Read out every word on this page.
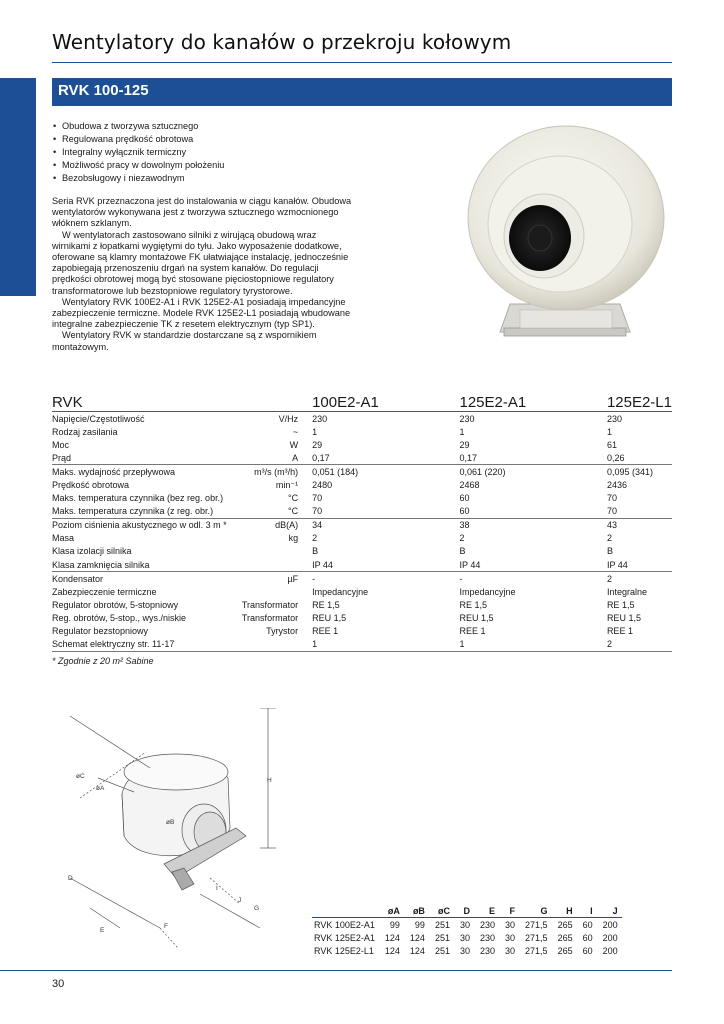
Wentylatory do kanałów o przekroju kołowym
RVK 100-125
• Obudowa z tworzywa sztucznego
• Regulowana prędkość obrotowa
• Integralny wyłącznik termiczny
• Możliwość pracy w dowolnym położeniu
• Bezobsługowy i niezawodnym

Seria RVK przeznaczona jest do instalowania w ciągu kanałów. Obudowa wentylatorów wykonywana jest z tworzywa sztucznego wzmocnionego włóknem szklanym.

W wentylatorach zastosowano silniki z wirującą obudową wraz wirnikami z łopatkami wygiętymi do tyłu. Jako wyposażenie dodatkowe, oferowane są klamry montażowe FK ułatwiające instalację, jednocześnie zapobiegają przenoszeniu drgań na system kanałów. Do regulacji prędkości obrotowej mogą być stosowane pięciostopniowe regulatory transformatorowe lub bezstopniowe regulatory tyrystorowe.

Wentylatory RVK 100E2-A1 i RVK 125E2-A1 posiadają impedancyjne zabezpieczenie termiczne. Modele RVK 125E2-L1 posiadają wbudowane integralne zabezpieczenie TK z resetem elektrycznym (typ SP1).

Wentylatory RVK w standardzie dostarczane są z wspornikiem montażowym.

RVK		100E2-A1	125E2-A1	125E2-L1
Napięcie/Częstotliwość	V/Hz	230	230	230
Rodzaj zasilania	~	1	1	1
Moc	W	29	29	61
Prąd	A	0,17	0,17	0,26
Maks. wydajność przepływowa	m³/s (m³/h)	0,051 (184)	0,061 (220)	0,095 (341)
Prędkość obrotowa	min⁻¹	2480	2468	2436
Maks. temperatura czynnika (bez reg. obr.)	°C	70	60	70
Maks. temperatura czynnika (z reg. obr.)	°C	70	60	70
Poziom ciśnienia akustycznego w odl. 3 m *	dB(A)	34	38	43
Masa	kg	2	2	2
Klasa izolacji silnika		B	B	B
Klasa zamknięcia silnika		IP 44	IP 44	IP 44
Kondensator	µF	-	-	2
Zabezpieczenie termiczne		Impedancyjne	Impedancyjne	Integralne
Regulator obrotów, 5-stopniowy	Transformator	RE 1,5	RE 1,5	RE 1,5
Reg. obrotów, 5-stop., wys./niskie	Transformator	REU 1,5	REU 1,5	REU 1,5
Regulator bezstopniowy	Tyrystor	REE 1	REE 1	REE 1
Schemat elektryczny str. 11-17		1	1	2
* Zgodnie z 20 m² Sabine
øC
øA
øB
H
D
E
F
G
I
J
	øA	øB	øC	D	E	F	G	H	I	J
RVK 100E2-A1	99	99	251	30	230	30	271,5	265	60	200
RVK 125E2-A1	124	124	251	30	230	30	271,5	265	60	200
RVK 125E2-L1	124	124	251	30	230	30	271,5	265	60	200
30
